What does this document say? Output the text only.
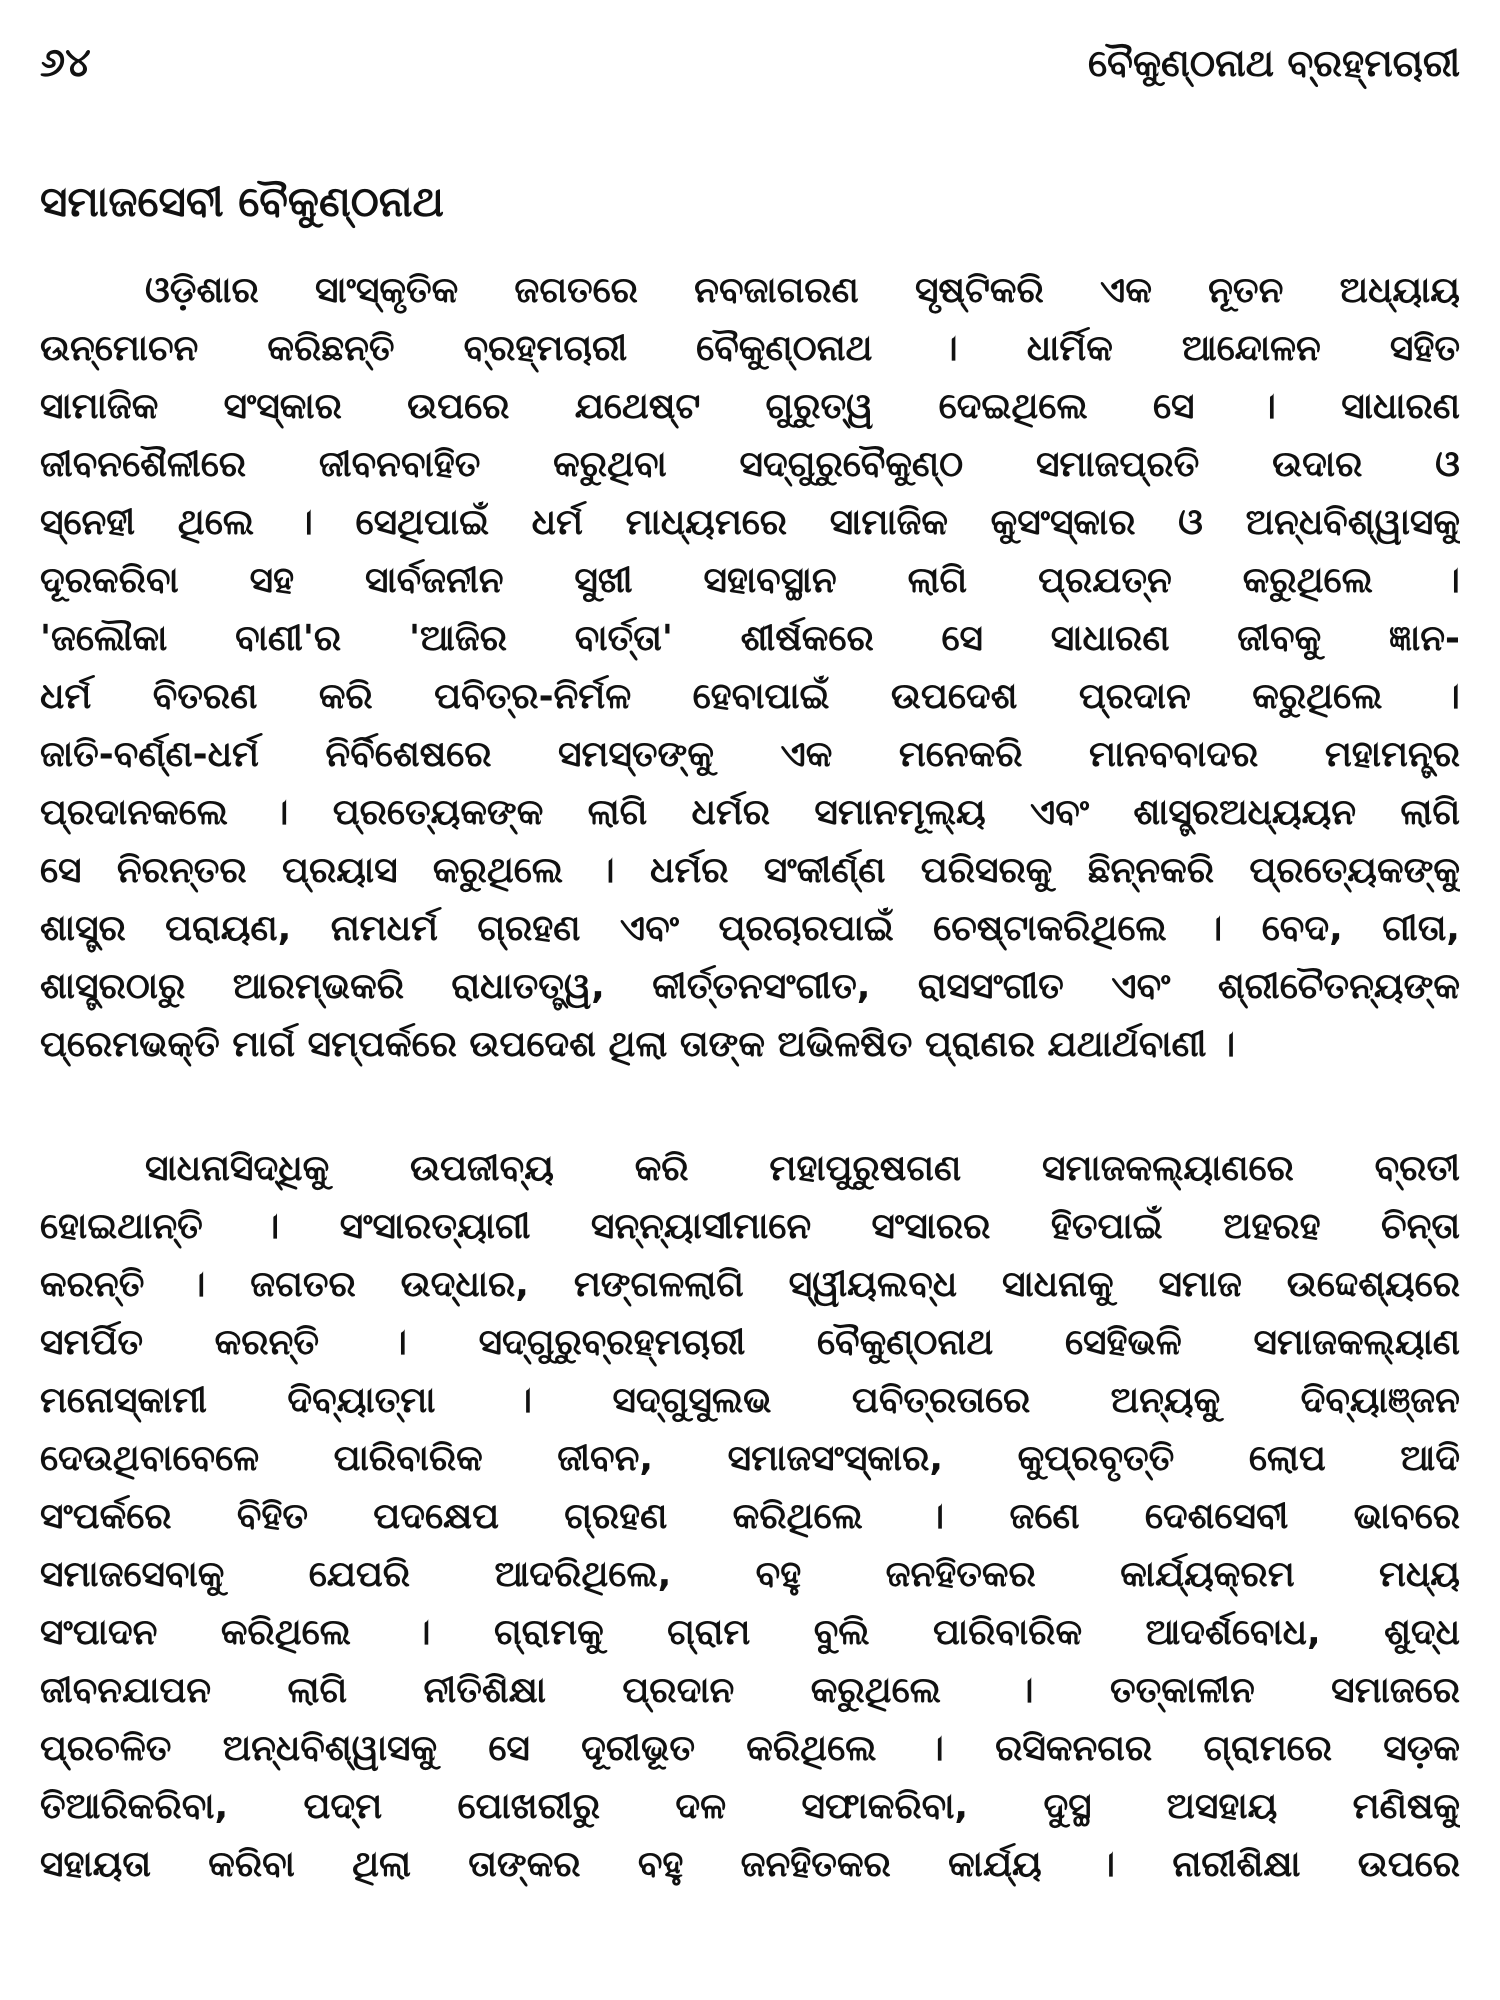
୬୪	ବୈକୁଣ୍ଠନାଥ ବ୍ରହ୍ମଚାରୀ
ସମାଜସେବୀ ବୈକୁଣ୍ଠନାଥ
ଓଡ଼ିଶାର ସାଂସ୍କୃତିକ ଜଗତରେ ନବଜାଗରଣ ସୃଷ୍ଟିକରି ଏକ ନୂତନ ଅଧ୍ୟାୟ
ଉନ୍ମୋଚନ କରିଛନ୍ତି ବ୍ରହ୍ମଚାରୀ ବୈକୁଣ୍ଠନାଥ । ଧାର୍ମିକ ଆନ୍ଦୋଳନ ସହିତ
ସାମାଜିକ ସଂସ୍କାର ଉପରେ ଯଥେଷ୍ଟ ଗୁରୁତ୍ୱ ଦେଇଥିଲେ ସେ । ସାଧାରଣ
ଜୀବନଶୈଳୀରେ ଜୀବନବାହିତ କରୁଥିବା ସଦ୍ଗୁରୁବୈକୁଣ୍ଠ ସମାଜପ୍ରତି ଉଦାର ଓ
ସ୍ନେହୀ ଥିଲେ । ସେଥିପାଇଁ ଧର୍ମ ମାଧ୍ୟମରେ ସାମାଜିକ କୁସଂସ୍କାର ଓ ଅନ୍ଧବିଶ୍ୱାସକୁ
ଦୂରକରିବା ସହ ସାର୍ବଜନୀନ ସୁଖୀ ସହାବସ୍ଥାନ ଲାଗି ପ୍ରଯତ୍ନ କରୁଥିଲେ ।
'ଜଲୌକା ବାଣୀ'ର 'ଆଜିର ବାର୍ତ୍ତା' ଶୀର୍ଷକରେ ସେ ସାଧାରଣ ଜୀବକୁ ଜ୍ଞାନ-
ଧର୍ମ ବିତରଣ କରି ପବିତ୍ର-ନିର୍ମଳ ହେବାପାଇଁ ଉପଦେଶ ପ୍ରଦାନ କରୁଥିଲେ ।
ଜାତି-ବର୍ଣ୍ଣ-ଧର୍ମ ନିର୍ବିଶେଷରେ ସମସ୍ତଙ୍କୁ ଏକ ମନେକରି ମାନବବାଦର ମହାମନ୍ତ୍ର
ପ୍ରଦାନକଲେ । ପ୍ରତ୍ୟେକଙ୍କ ଲାଗି ଧର୍ମର ସମାନମୂଲ୍ୟ ଏବଂ ଶାସ୍ତ୍ରଅଧ୍ୟୟନ ଲାଗି
ସେ ନିରନ୍ତର ପ୍ରୟାସ କରୁଥିଲେ । ଧର୍ମର ସଂକୀର୍ଣ୍ଣ ପରିସରକୁ ଛିନ୍ନକରି ପ୍ରତ୍ୟେକଙ୍କୁ
ଶାସ୍ତ୍ର ପରାୟଣ, ନାମଧର୍ମ ଗ୍ରହଣ ଏବଂ ପ୍ରଚାରପାଇଁ ଚେଷ୍ଟାକରିଥିଲେ । ବେଦ, ଗୀତା,
ଶାସ୍ତ୍ରଠାରୁ ଆରମ୍ଭକରି ରାଧାତତ୍ତ୍ୱ, କୀର୍ତ୍ତନସଂଗୀତ, ରାସସଂଗୀତ ଏବଂ ଶ୍ରୀଚୈତନ୍ୟଙ୍କ
ପ୍ରେମଭକ୍ତି ମାର୍ଗ ସମ୍ପର୍କରେ ଉପଦେଶ ଥିଲା ତାଙ୍କ ଅଭିଳଷିତ ପ୍ରାଣର ଯଥାର୍ଥବାଣୀ ।
ସାଧନାସିଦ୍ଧିକୁ ଉପଜୀବ୍ୟ କରି ମହାପୁରୁଷଗଣ ସମାଜକଲ୍ୟାଣରେ ବ୍ରତୀ
ହୋଇଥାନ୍ତି । ସଂସାରତ୍ୟାଗୀ ସନ୍ନ୍ୟାସୀମାନେ ସଂସାରର ହିତପାଇଁ ଅହରହ ଚିନ୍ତା
କରନ୍ତି । ଜଗତର ଉଦ୍ଧାର, ମଙ୍ଗଳଲାଗି ସ୍ୱୀୟଲବ୍ଧ ସାଧନାକୁ ସମାଜ ଉଦ୍ଦେଶ୍ୟରେ
ସମର୍ପିତ କରନ୍ତି । ସଦ୍ଗୁରୁବ୍ରହ୍ମଚାରୀ ବୈକୁଣ୍ଠନାଥ ସେହିଭଳି ସମାଜକଲ୍ୟାଣ
ମନୋସ୍କାମୀ ଦିବ୍ୟାତ୍ମା । ସଦ୍ଗୁସୁଲଭ ପବିତ୍ରତାରେ ଅନ୍ୟକୁ ଦିବ୍ୟାଞ୍ଜନ
ଦେଉଥିବାବେଳେ ପାରିବାରିକ ଜୀବନ, ସମାଜସଂସ୍କାର, କୁପ୍ରବୃତ୍ତି ଲୋପ ଆଦି
ସଂପର୍କରେ ବିହିତ ପଦକ୍ଷେପ ଗ୍ରହଣ କରିଥିଲେ । ଜଣେ ଦେଶସେବୀ ଭାବରେ
ସମାଜସେବାକୁ ଯେପରି ଆଦରିଥିଲେ, ବହୁ ଜନହିତକର କାର୍ଯ୍ୟକ୍ରମ ମଧ୍ୟ
ସଂପାଦନ କରିଥିଲେ । ଗ୍ରାମକୁ ଗ୍ରାମ ବୁଲି ପାରିବାରିକ ଆଦର୍ଶବୋଧ, ଶୁଦ୍ଧ
ଜୀବନଯାପନ ଲାଗି ନୀତିଶିକ୍ଷା ପ୍ରଦାନ କରୁଥିଲେ । ତତ୍କାଳୀନ ସମାଜରେ
ପ୍ରଚଳିତ ଅନ୍ଧବିଶ୍ୱାସକୁ ସେ ଦୂରୀଭୂତ କରିଥିଲେ । ରସିକନଗର ଗ୍ରାମରେ ସଡ଼କ
ତିଆରିକରିବା, ପଦ୍ମ ପୋଖରୀରୁ ଦଳ ସଫାକରିବା, ଦୁସ୍ଥ ଅସହାୟ ମଣିଷକୁ
ସହାୟତା କରିବା ଥିଲା ତାଙ୍କର ବହୁ ଜନହିତକର କାର୍ଯ୍ୟ । ନାରୀଶିକ୍ଷା ଉପରେ
